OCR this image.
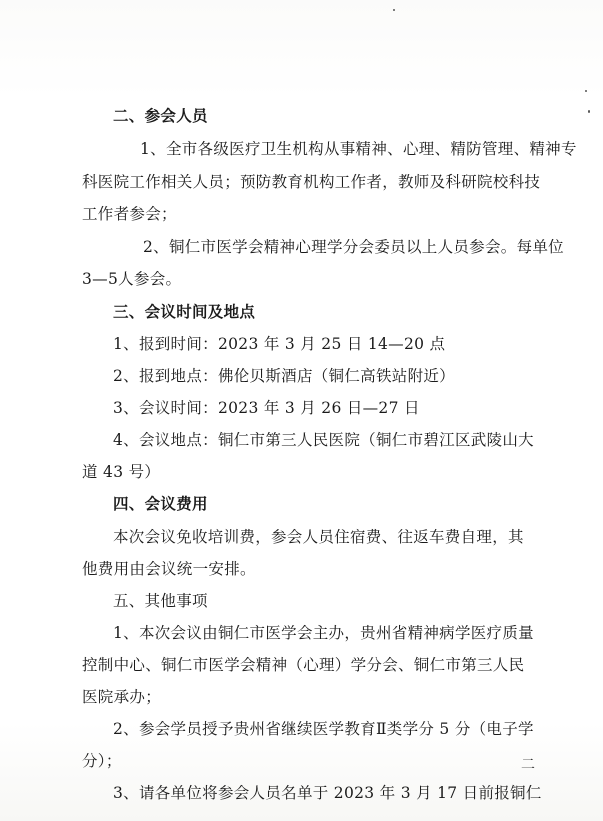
二、参会人员
1、全市各级医疗卫生机构从事精神、心理、精防管理、精神专
科医院工作相关人员；预防教育机构工作者，教师及科研院校科技
工作者参会；
2、铜仁市医学会精神心理学分会委员以上人员参会。每单位
3—5人参会。
三、会议时间及地点
1、报到时间：2023 年 3 月 25 日 14—20 点
2、报到地点：佛伦贝斯酒店（铜仁高铁站附近）
3、会议时间：2023 年 3 月 26 日—27 日
4、会议地点：铜仁市第三人民医院（铜仁市碧江区武陵山大
道 43 号）
四、会议费用
本次会议免收培训费，参会人员住宿费、往返车费自理，其
他费用由会议统一安排。
五、其他事项
1、本次会议由铜仁市医学会主办，贵州省精神病学医疗质量
控制中心、铜仁市医学会精神（心理）学分会、铜仁市第三人民
医院承办；
2、参会学员授予贵州省继续医学教育Ⅱ类学分 5 分（电子学
分）；
3、请各单位将参会人员名单于 2023 年 3 月 17 日前报铜仁
二
